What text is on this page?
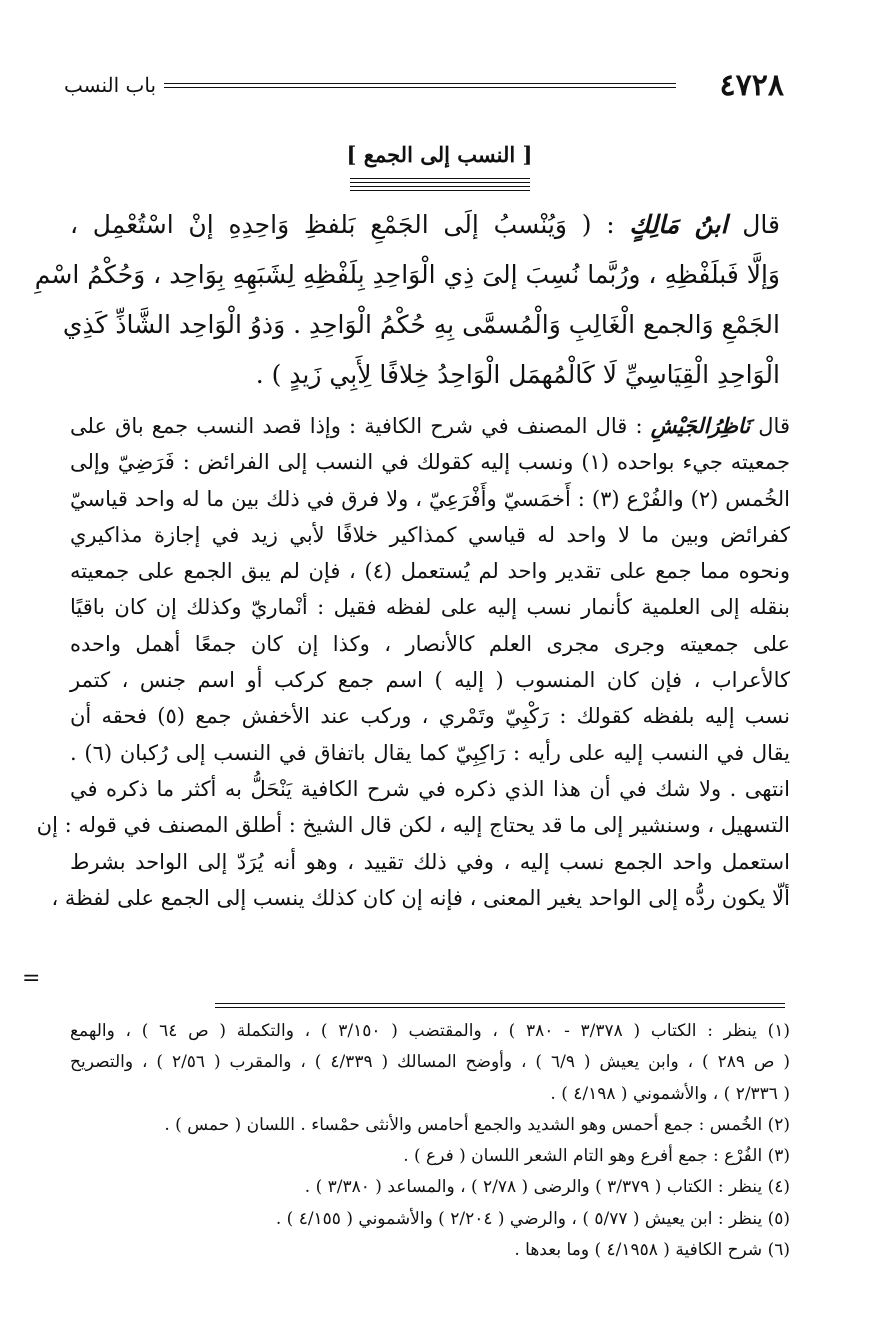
٤٧٢٨
باب النسب
[ النسب إلى الجمع ]

قال ابنُ مَالِكٍ : ( وَيُنْسبُ إلَى الجَمْعِ بَلفظِ وَاحِدِهِ إنْ اسْتُعْمِل ،

وَإلَّا فَبلَفْظِهِ ، ورُبَّما نُسِبَ إلىَ ذِي الْوَاحِدِ بِلَفْظِهِ لِشَبَهِهِ بِوَاحِد ، وَحُكْمُ اسْمِ

الجَمْعِ وَالجمع الْغَالِبِ وَالْمُسمَّى بِهِ حُكْمُ الْوَاحِدِ . وَذوُ الْوَاحِد الشَّاذِّ كَذِي

الْوَاحِدِ الْقِيَاسِيِّ لَا كَالْمُهمَل الْوَاحِدُ خِلافًا لِأَبِي زَيدٍ ) .

قال نَاظِرُالجَيْشِ : قال المصنف في شرح الكافية : وإذا قصد النسب جمع باق على

جمعيته جيء بواحده (١) ونسب إليه كقولك في النسب إلى الفرائض : فَرَضِيّ وإلى

الخُمس (٢) والفُرْع (٣) : أَخمَسيّ وأَفْرَعِيّ ، ولا فرق في ذلك بين ما له واحد قياسيّ

كفرائض وبين ما لا واحد له قياسي كمذاكير خلافًا لأبي زيد في إجازة مذاكيري

ونحوه مما جمع على تقدير واحد لم يُستعمل (٤) ، فإن لم يبق الجمع على جمعيته

بنقله إلى العلمية كأنمار نسب إليه على لفظه فقيل : أنْماريّ وكذلك إن كان باقيًا

على جمعيته وجرى مجرى العلم كالأنصار ، وكذا إن كان جمعًا أهمل واحده

كالأعراب ، فإن كان المنسوب ( إليه ) اسم جمع كركب أو اسم جنس ، كتمر

نسب إليه بلفظه كقولك : رَكْبِيّ وتَمْري ، وركب عند الأخفش جمع (٥) فحقه أن

يقال في النسب إليه على رأيه : رَاكِبِيّ كما يقال باتفاق في النسب إلى رُكبان (٦) .

انتهى . ولا شك في أن هذا الذي ذكره في شرح الكافية يَنْحَلُّ به أكثر ما ذكره في

التسهيل ، وسنشير إلى ما قد يحتاج إليه ، لكن قال الشيخ : أطلق المصنف في قوله : إن

استعمل واحد الجمع نسب إليه ، وفي ذلك تقييد ، وهو أنه يُرَدّ إلى الواحد بشرط

ألّا يكون ردُّه إلى الواحد يغير المعنى ، فإنه إن كان كذلك ينسب إلى الجمع على لفظة ،

=

(١) ينظر : الكتاب ( ٣/٣٧٨ - ٣٨٠ ) ، والمقتضب ( ٣/١٥٠ ) ، والتكملة ( ص ٦٤ ) ، والهمع

( ص ٢٨٩ ) ، وابن يعيش ( ٦/٩ ) ، وأوضح المسالك ( ٤/٣٣٩ ) ، والمقرب ( ٢/٥٦ ) ، والتصريح

( ٢/٣٣٦ ) ، والأشموني ( ٤/١٩٨ ) .

(٢) الخُمس : جمع أحمس وهو الشديد والجمع أحامس والأنثى حمْساء . اللسان ( حمس ) .

(٣) الفُرْع : جمع أفرع وهو التام الشعر اللسان ( فرع ) .

(٤) ينظر : الكتاب ( ٣/٣٧٩ ) والرضى ( ٢/٧٨ ) ، والمساعد ( ٣/٣٨٠ ) .

(٥) ينظر : ابن يعيش ( ٥/٧٧ ) ، والرضي ( ٢/٢٠٤ ) والأشموني ( ٤/١٥٥ ) .

(٦) شرح الكافية ( ٤/١٩٥٨ ) وما بعدها .
